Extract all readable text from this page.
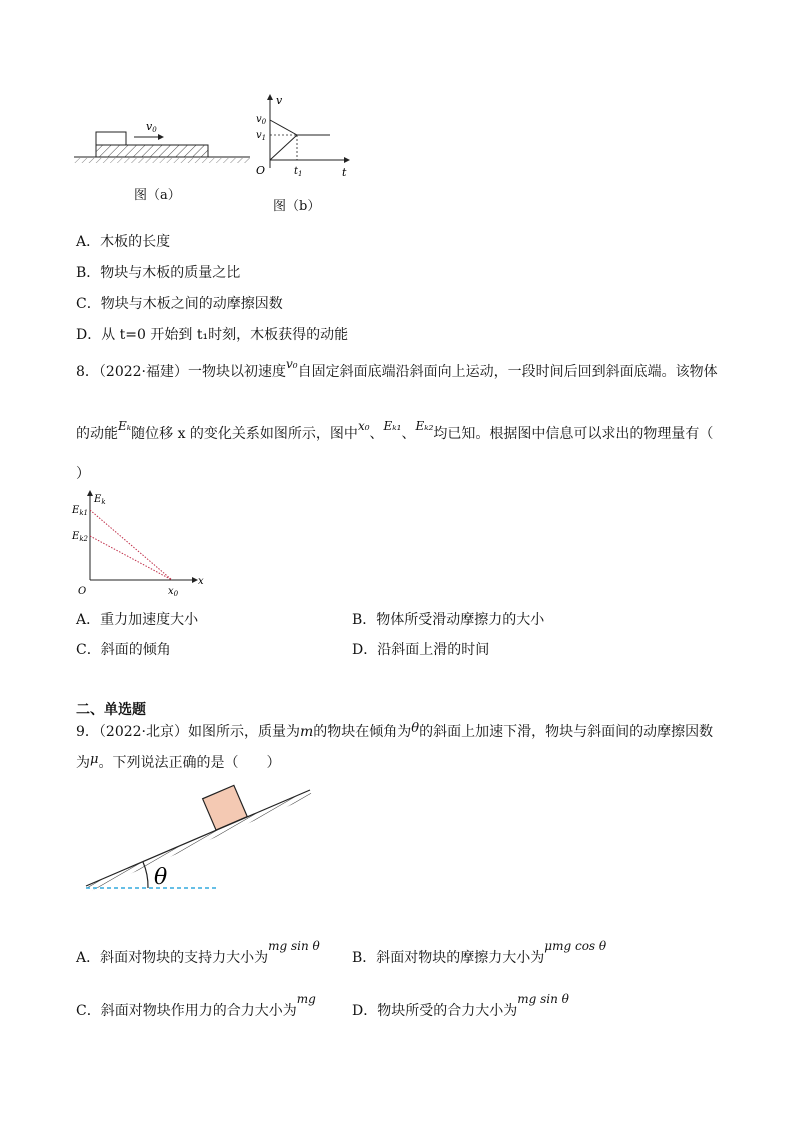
v0
图（a）
v
t
O
$v_0$
$v_1$
$t_1$
图（b）
A．木板的长度
B．物块与木板的质量之比
C．物块与木板之间的动摩擦因数
D．从 t=0 开始到 t₁时刻，木板获得的动能
8．（2022·福建）一物块以初速度v₀自固定斜面底端沿斜面向上运动，一段时间后回到斜面底端。该物体
的动能Eₖ随位移 x 的变化关系如图所示，图中x₀、Eₖ₁、Eₖ₂均已知。根据图中信息可以求出的物理量有（
）
$E_k$
x
O
$E_{k1}$
$E_{k2}$
$x_0$
A．重力加速度大小	B．物体所受滑动摩擦力的大小
C．斜面的倾角	D．沿斜面上滑的时间
二、单选题
9．（2022·北京）如图所示，质量为m的物块在倾角为θ的斜面上加速下滑，物块与斜面间的动摩擦因数
为μ。下列说法正确的是（　　）
θ
A．斜面对物块的支持力大小为mg sin θ
B．斜面对物块的摩擦力大小为μmg cos θ
C．斜面对物块作用力的合力大小为mg
D．物块所受的合力大小为mg sin θ
